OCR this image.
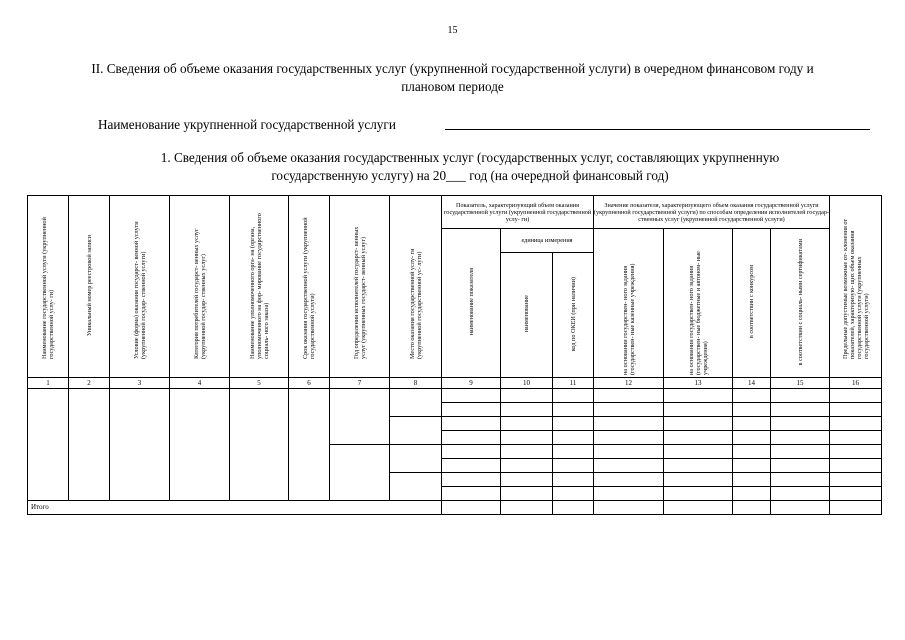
15
II. Сведения об объеме оказания государственных услуг (укрупненной государственной услуги) в очередном финансовом году и
плановом периоде
Наименование укрупненной государственной услуги
1. Сведения об объеме оказания государственных услуг (государственных услуг, составляющих укрупненную
государственную услугу) на 20___ год (на очередной финансовый год)
Наименование государственной услуги (укрупненной государственной услу- ги)	Уникальный номер реестровой записи	Условие (форма) оказания государст- венной услуги (укрупненной государ- ственной услуги)	Категория потребителей государст- венных услуг (укрупненной государ- ственных услуг)	Наименование уполномоченного орга- на (органа, уполномоченного на фор- мирование государственного социаль- ного заказа)	Срок оказания государственной услуги (укрупненной государственной услуги)	Год определения исполнителей государст- венных услуг (укрупненных государст- венный услуг)	Место оказания государственной услу- ги (укрупненной государственной ус- луги)	Показатель, характеризующий объем оказания государственной услуги (укрупненной государственной услу- ги)			Значение показателя, характеризующего объем оказания государственной услуги (укрупненной государственной услуги) по способам определения исполнителей государ- ственных услуг (укрупненной государственной услуги)				Предельные допустимые возможные от- клонения от показателей, характеризую- щих объем оказания государственной услуги (укрупненных государственной услуги)
								наименование показателя	единица измерения		на основании государствен- ного задания (государствен- ные казенные учреждения)	на основании государствен- ного задания (государствен- ные бюджетные и автоном- ные учреждения)	в соответствии с конкурсом	в соответствии с социаль- ными сертификатами	
									наименование	код по ОКЕИ (при наличии)					
1	2	3	4	5	6	7	8	9	10	11	12	13	14	15	16

Итого															
